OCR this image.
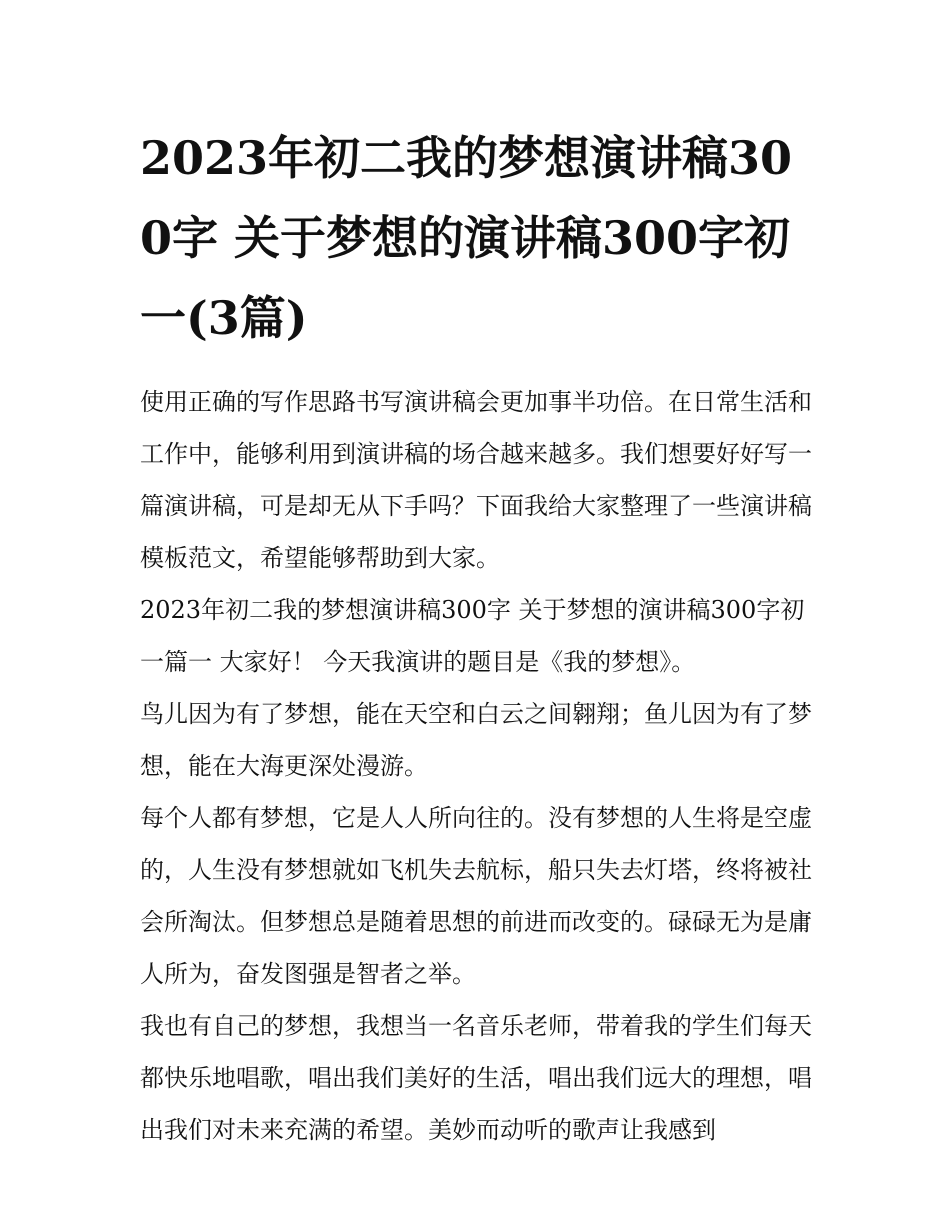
2023年初二我的梦想演讲稿300字 关于梦想的演讲稿300字初一(3篇)

使用正确的写作思路书写演讲稿会更加事半功倍。在日常生活和工作中，能够利用到演讲稿的场合越来越多。我们想要好好写一篇演讲稿，可是却无从下手吗？下面我给大家整理了一些演讲稿模板范文，希望能够帮助到大家。

2023年初二我的梦想演讲稿300字 关于梦想的演讲稿300字初一篇一 大家好！ 今天我演讲的题目是《我的梦想》。

鸟儿因为有了梦想，能在天空和白云之间翱翔；鱼儿因为有了梦想，能在大海更深处漫游。

每个人都有梦想，它是人人所向往的。没有梦想的人生将是空虚的，人生没有梦想就如飞机失去航标，船只失去灯塔，终将被社会所淘汰。但梦想总是随着思想的前进而改变的。碌碌无为是庸人所为，奋发图强是智者之举。

我也有自己的梦想，我想当一名音乐老师，带着我的学生们每天都快乐地唱歌，唱出我们美好的生活，唱出我们远大的理想，唱出我们对未来充满的希望。美妙而动听的歌声让我感到
